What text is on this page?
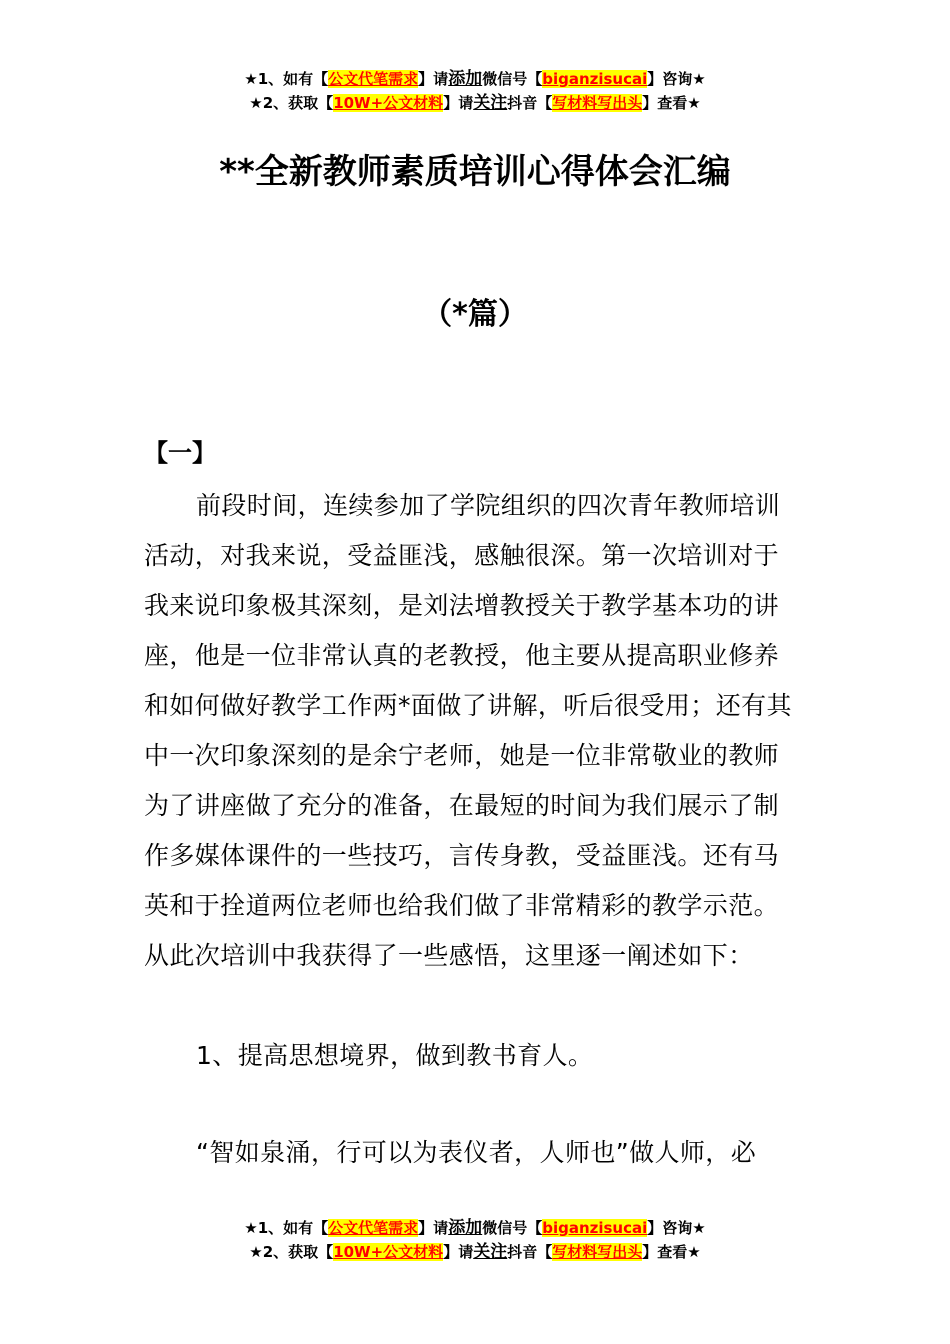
★1、如有【公文代笔需求】请添加微信号【biganzisucai】咨询★
★2、获取【10W+公文材料】请关注抖音【写材料写出头】查看★
**全新教师素质培训心得体会汇编
（*篇）
【一】
前段时间，连续参加了学院组织的四次青年教师培训
活动，对我来说，受益匪浅，感触很深。第一次培训对于
我来说印象极其深刻，是刘法增教授关于教学基本功的讲
座，他是一位非常认真的老教授，他主要从提高职业修养
和如何做好教学工作两*面做了讲解，听后很受用；还有其
中一次印象深刻的是余宁老师，她是一位非常敬业的教师
为了讲座做了充分的准备，在最短的时间为我们展示了制
作多媒体课件的一些技巧，言传身教，受益匪浅。还有马
英和于拴道两位老师也给我们做了非常精彩的教学示范。
从此次培训中我获得了一些感悟，这里逐一阐述如下：
1、提高思想境界，做到教书育人。
“智如泉涌，行可以为表仪者，人师也”做人师，必
★1、如有【公文代笔需求】请添加微信号【biganzisucai】咨询★
★2、获取【10W+公文材料】请关注抖音【写材料写出头】查看★
